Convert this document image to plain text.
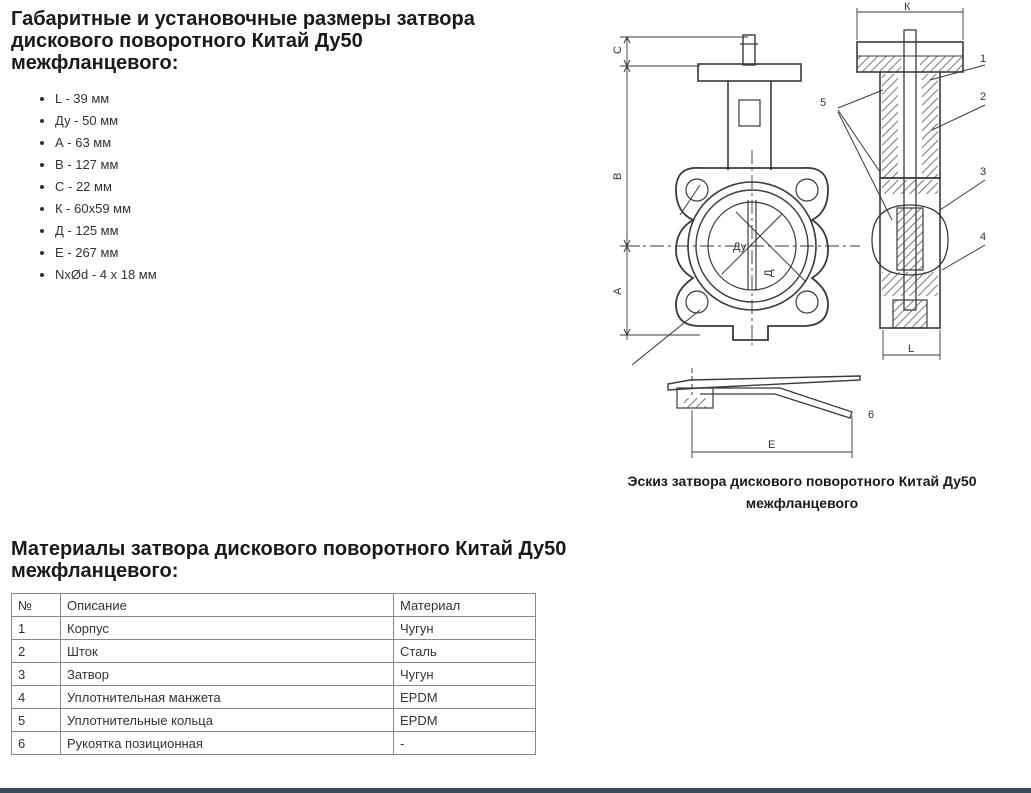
Габаритные и установочные размеры затвора дискового поворотного Китай Ду50 межфланцевого:
• L - 39 мм
• Ду - 50 мм
• А - 63 мм
• В - 127 мм
• С - 22 мм
• К - 60x59 мм
• Д - 125 мм
• E - 267 мм
• NxØd - 4 х 18 мм
С
В
А
Ду
Д
К
L
E
1
2
3
4
5
6
Эскиз затвора дискового поворотного Китай Ду50 межфланцевого
Материалы затвора дискового поворотного Китай Ду50 межфланцевого:
№	Описание	Материал
1	Корпус	Чугун
2	Шток	Сталь
3	Затвор	Чугун
4	Уплотнительная манжета	EPDM
5	Уплотнительные кольца	EPDM
6	Рукоятка позиционная	-
